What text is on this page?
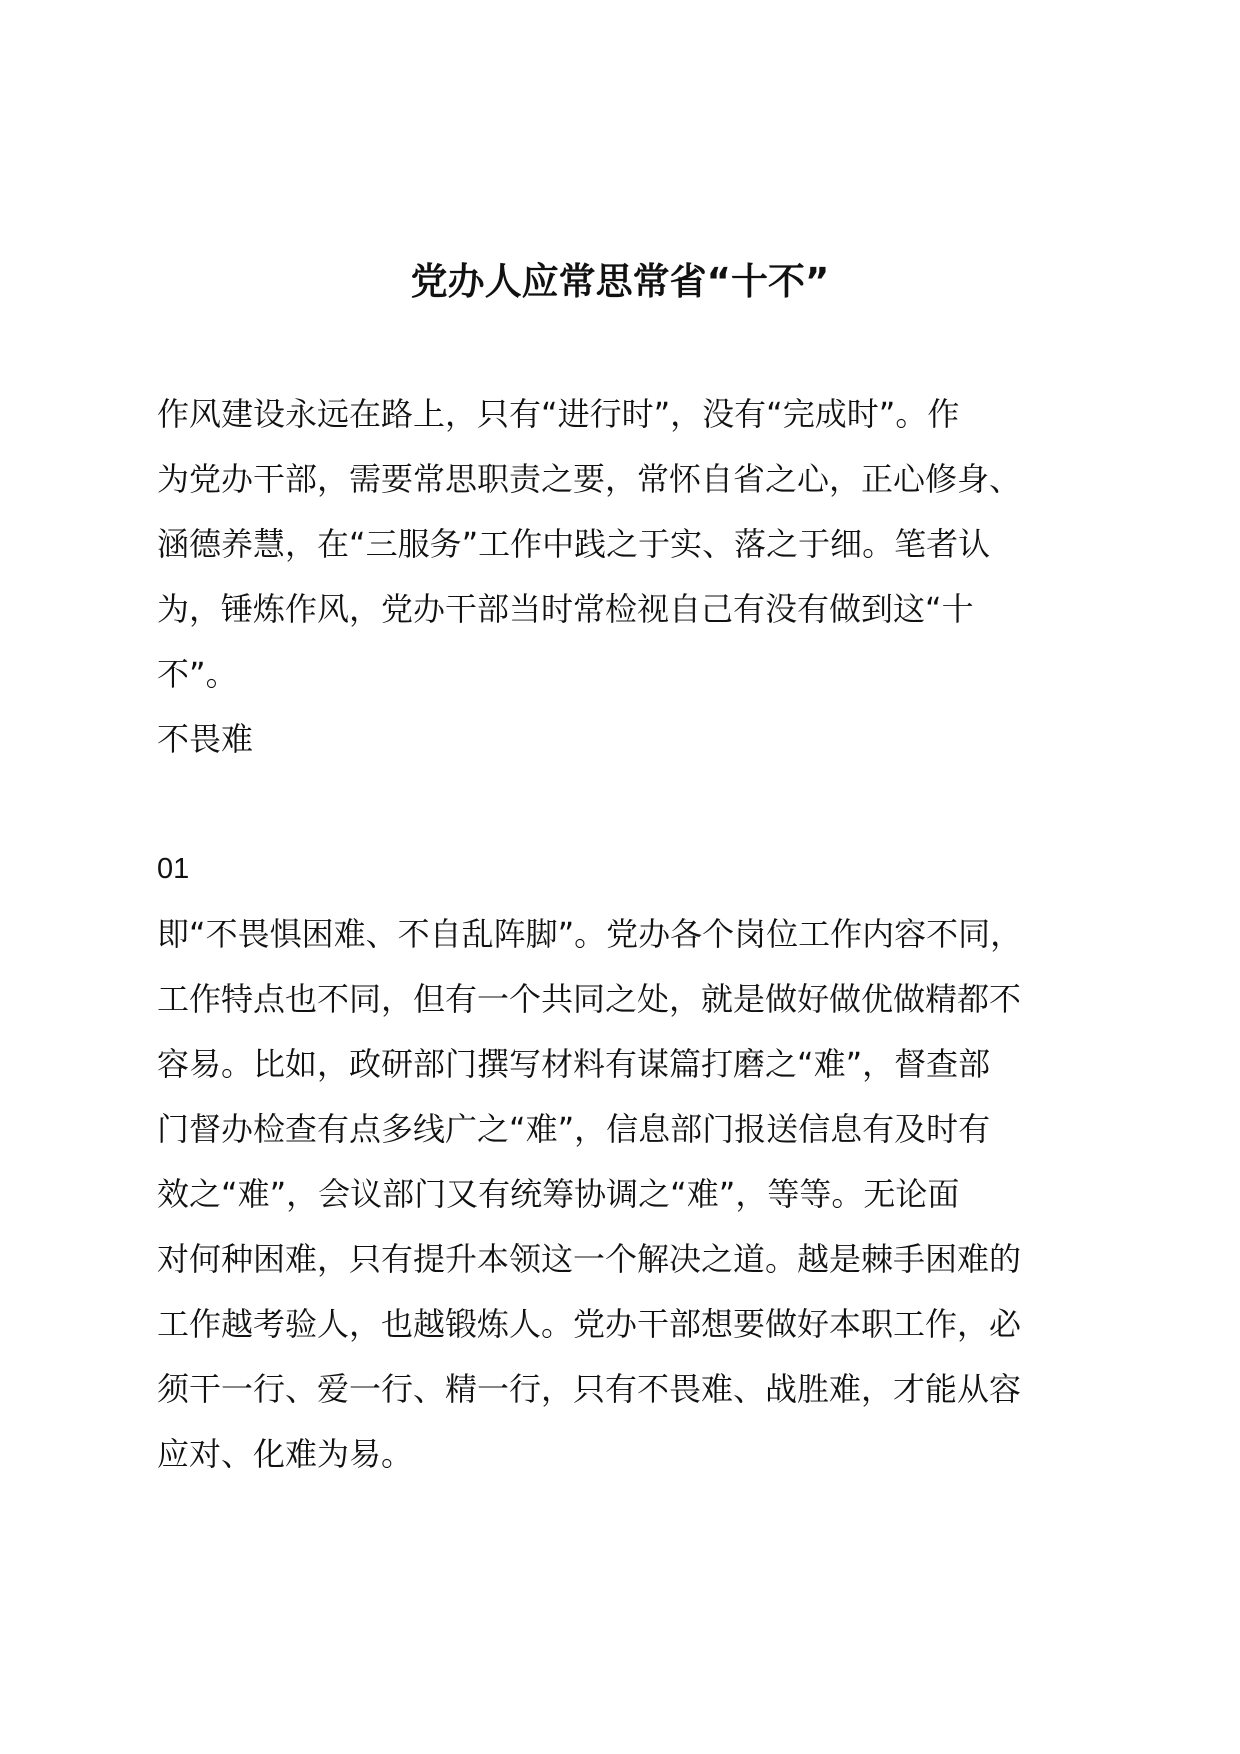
党办人应常思常省“十不”
作风建设永远在路上，只有“进行时”，没有“完成时”。作
为党办干部，需要常思职责之要，常怀自省之心，正心修身、
涵德养慧，在“三服务”工作中践之于实、落之于细。笔者认
为，锤炼作风，党办干部当时常检视自己有没有做到这“十
不”。
不畏难
01
即“不畏惧困难、不自乱阵脚”。党办各个岗位工作内容不同，
工作特点也不同，但有一个共同之处，就是做好做优做精都不
容易。比如，政研部门撰写材料有谋篇打磨之“难”，督查部
门督办检查有点多线广之“难”，信息部门报送信息有及时有
效之“难”，会议部门又有统筹协调之“难”，等等。无论面
对何种困难，只有提升本领这一个解决之道。越是棘手困难的
工作越考验人，也越锻炼人。党办干部想要做好本职工作，必
须干一行、爱一行、精一行，只有不畏难、战胜难，才能从容
应对、化难为易。
